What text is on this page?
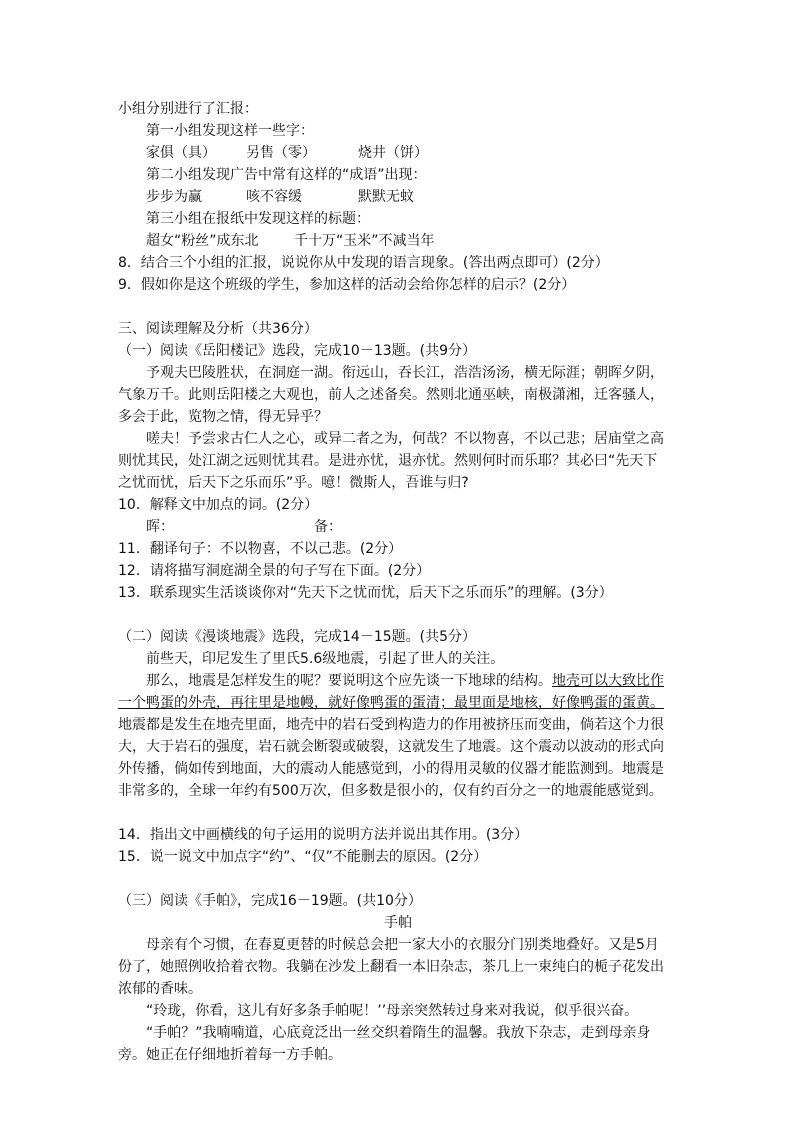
小组分别进行了汇报：
第一小组发现这样一些字：
家俱（具） 另售（零）	烧井（饼）
第二小组发现广告中常有这样的“成语”出现：
步步为赢	咳不容缓	默默无蚊
第三小组在报纸中发现这样的标题：
超女“粉丝”成东北	千十万“玉米”不减当年
8．结合三个小组的汇报，说说你从中发现的语言现象。(答出两点即可）(2分）
9．假如你是这个班级的学生，参加这样的活动会给你怎样的启示？(2分）
三、阅读理解及分析（共36分）
（一）阅读《岳阳楼记》选段，完成10－13题。(共9分）
予观夫巴陵胜状，在洞庭一湖。衔远山，吞长江，浩浩汤汤，横无际涯；朝晖夕阴，
气象万千。此则岳阳楼之大观也，前人之述备矣。然则北通巫峡，南极潇湘，迁客骚人，
多会于此，览物之情，得无异乎？
嗟夫！予尝求古仁人之心，或异二者之为，何哉？不以物喜，不以己悲；居庙堂之高
则忧其民，处江湖之远则忧其君。是进亦忧，退亦忧。然则何时而乐耶？其必曰“先天下
之忧而忧，后天下之乐而乐”乎。噫！微斯人，吾谁与归?
10．解释文中加点的词。(2分）
晖：	备：
11．翻译句子：不以物喜，不以己悲。(2分）
12．请将描写洞庭湖全景的句子写在下面。(2分）
13．联系现实生活谈谈你对“先天下之忧而忧，后天下之乐而乐”的理解。(3分）
（二）阅读《漫谈地震》选段，完成14－15题。(共5分）
前些天，印尼发生了里氏5.6级地震，引起了世人的关注。
那么，地震是怎样发生的呢？要说明这个应先谈一下地球的结构。地壳可以大致比作
一个鸭蛋的外壳，再往里是地幔，就好像鸭蛋的蛋清；最里面是地核，好像鸭蛋的蛋黄。
地震都是发生在地壳里面，地壳中的岩石受到构造力的作用被挤压而变曲，倘若这个力很
大，大于岩石的强度，岩石就会断裂或破裂，这就发生了地震。这个震动以波动的形式向
外传播，倘如传到地面，大的震动人能感觉到，小的得用灵敏的仪器才能监测到。地震是
非常多的，全球一年约有500万次，但多数是很小的，仅有约百分之一的地震能感觉到。
14．指出文中画横线的句子运用的说明方法并说出其作用。(3分）
15．说一说文中加点字“约”、“仅”不能删去的原因。(2分）
（三）阅读《手帕》，完成16－19题。(共10分）
手帕
母亲有个习惯，在春夏更替的时候总会把一家大小的衣服分门别类地叠好。又是5月
份了，她照例收拾着衣物。我躺在沙发上翻看一本旧杂志，茶几上一束纯白的栀子花发出
浓郁的香味。
“玲珑，你看，这儿有好多条手帕呢！’’母亲突然转过身来对我说，似乎很兴奋。
“手帕？”我喃喃道，心底竟泛出一丝交织着隋生的温馨。我放下杂志，走到母亲身
旁。她正在仔细地折着每一方手帕。
